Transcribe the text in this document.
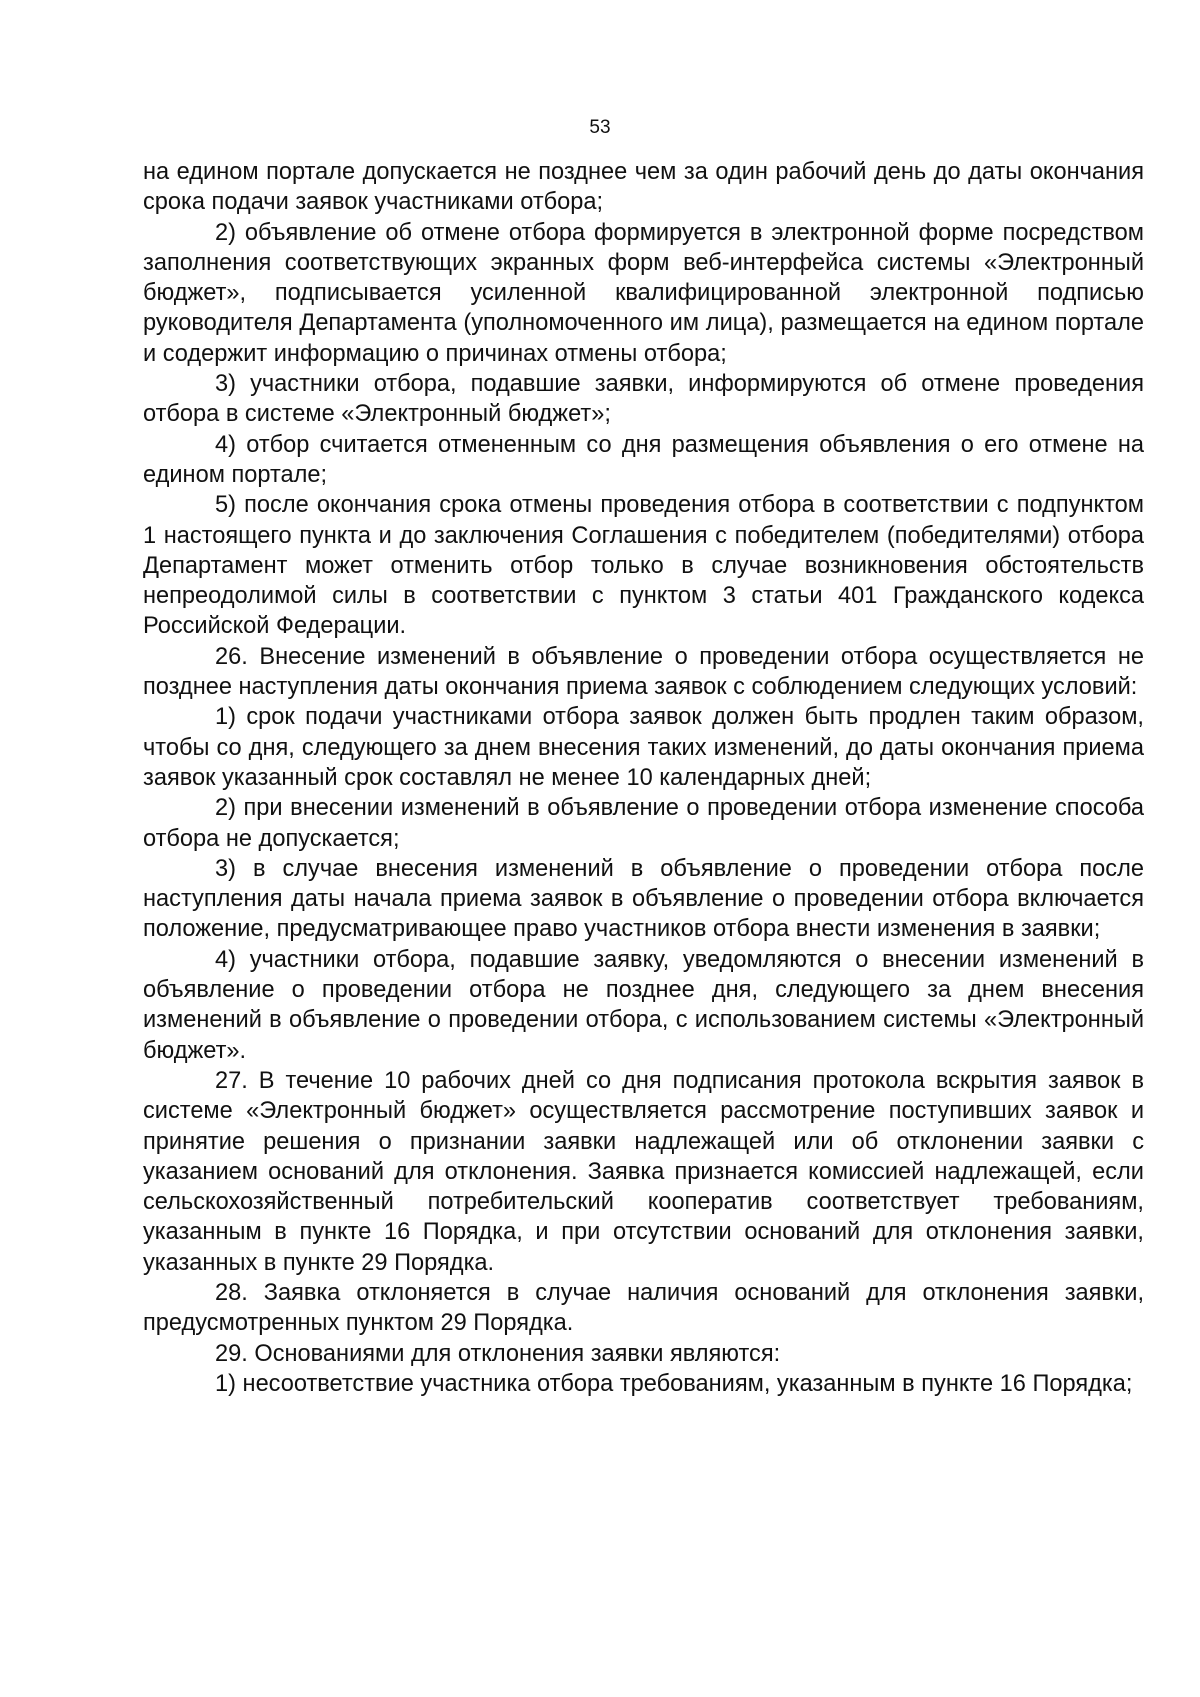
53

на едином портале допускается не позднее чем за один рабочий день до даты окончания срока подачи заявок участниками отбора;

2) объявление об отмене отбора формируется в электронной форме посредством заполнения соответствующих экранных форм веб-интерфейса системы «Электронный бюджет», подписывается усиленной квалифицированной электронной подписью руководителя Департамента (уполномоченного им лица), размещается на едином портале и содержит информацию о причинах отмены отбора;

3) участники отбора, подавшие заявки, информируются об отмене проведения отбора в системе «Электронный бюджет»;

4) отбор считается отмененным со дня размещения объявления о его отмене на едином портале;

5) после окончания срока отмены проведения отбора в соответствии с подпунктом 1 настоящего пункта и до заключения Соглашения с победителем (победителями) отбора Департамент может отменить отбор только в случае возникновения обстоятельств непреодолимой силы в соответствии с пунктом 3 статьи 401 Гражданского кодекса Российской Федерации.

26. Внесение изменений в объявление о проведении отбора осуществляется не позднее наступления даты окончания приема заявок с соблюдением следующих условий:

1) срок подачи участниками отбора заявок должен быть продлен таким образом, чтобы со дня, следующего за днем внесения таких изменений, до даты окончания приема заявок указанный срок составлял не менее 10 календарных дней;

2) при внесении изменений в объявление о проведении отбора изменение способа отбора не допускается;

3) в случае внесения изменений в объявление о проведении отбора после наступления даты начала приема заявок в объявление о проведении отбора включается положение, предусматривающее право участников отбора внести изменения в заявки;

4) участники отбора, подавшие заявку, уведомляются о внесении изменений в объявление о проведении отбора не позднее дня, следующего за днем внесения изменений в объявление о проведении отбора, с использованием системы «Электронный бюджет».

27. В течение 10 рабочих дней со дня подписания протокола вскрытия заявок в системе «Электронный бюджет» осуществляется рассмотрение поступивших заявок и принятие решения о признании заявки надлежащей или об отклонении заявки с указанием оснований для отклонения. Заявка признается комиссией надлежащей, если сельскохозяйственный потребительский кооператив соответствует требованиям, указанным в пункте 16 Порядка, и при отсутствии оснований для отклонения заявки, указанных в пункте 29 Порядка.

28. Заявка отклоняется в случае наличия оснований для отклонения заявки, предусмотренных пунктом 29 Порядка.

29. Основаниями для отклонения заявки являются:

1) несоответствие участника отбора требованиям, указанным в пункте 16 Порядка;
